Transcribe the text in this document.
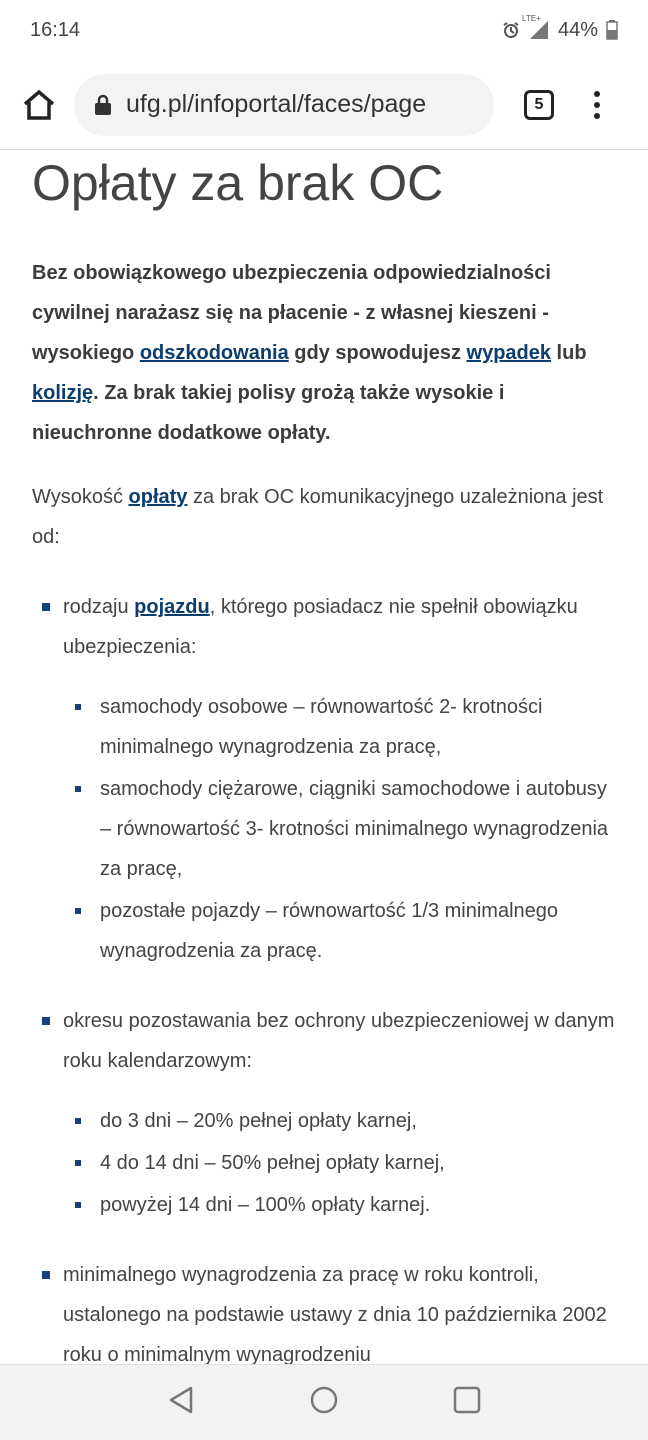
16:14	LTE+ 44%
ufg.pl/infoportal/faces/page	5
Opłaty za brak OC

Bez obowiązkowego ubezpieczenia odpowiedzialności cywilnej narażasz się na płacenie - z własnej kieszeni - wysokiego odszkodowania gdy spowodujesz wypadek lub kolizję. Za brak takiej polisy grożą także wysokie i nieuchronne dodatkowe opłaty.

Wysokość opłaty za brak OC komunikacyjnego uzależniona jest od:

rodzaju pojazdu, którego posiadacz nie spełnił obowiązku ubezpieczenia:
samochody osobowe – równowartość 2- krotności minimalnego wynagrodzenia za pracę,
samochody ciężarowe, ciągniki samochodowe i autobusy – równowartość 3- krotności minimalnego wynagrodzenia za pracę,
pozostałe pojazdy – równowartość 1/3 minimalnego wynagrodzenia za pracę.
okresu pozostawania bez ochrony ubezpieczeniowej w danym roku kalendarzowym:
do 3 dni – 20% pełnej opłaty karnej,
4 do 14 dni – 50% pełnej opłaty karnej,
powyżej 14 dni – 100% opłaty karnej.
minimalnego wynagrodzenia za pracę w roku kontroli, ustalonego na podstawie ustawy z dnia 10 października 2002 roku o minimalnym wynagrodzeniu
